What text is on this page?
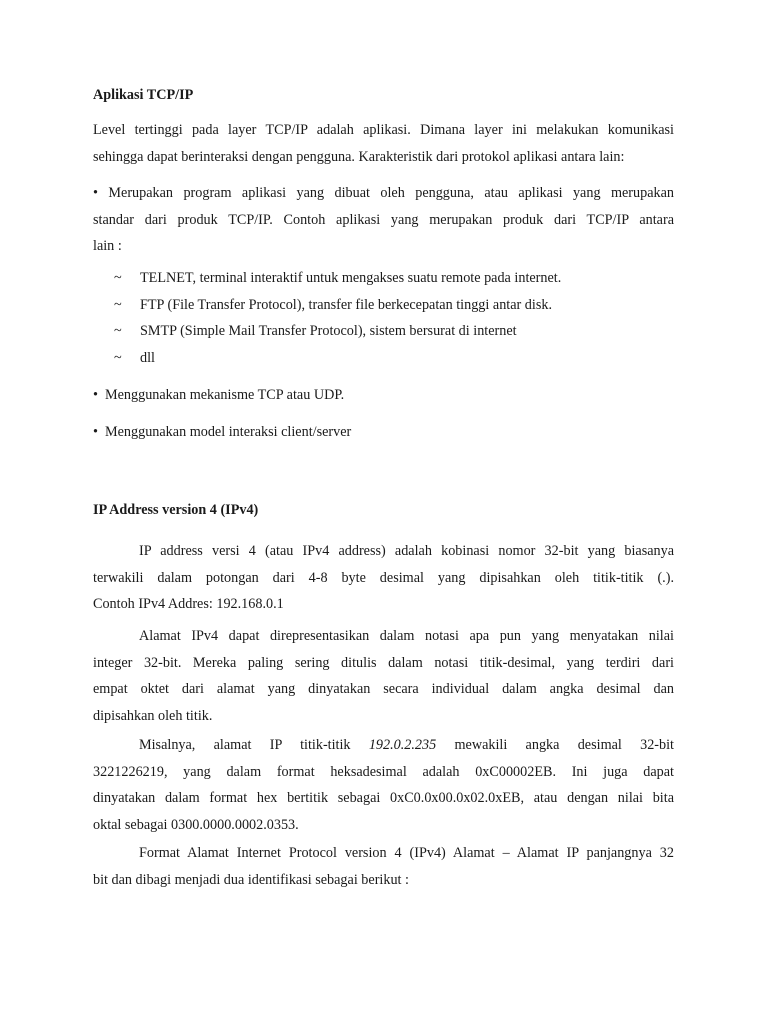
Aplikasi TCP/IP
Level tertinggi pada layer TCP/IP adalah aplikasi. Dimana layer ini melakukan komunikasi
sehingga dapat berinteraksi dengan pengguna. Karakteristik dari protokol aplikasi antara lain:
• Merupakan program aplikasi yang dibuat oleh pengguna, atau aplikasi yang merupakan
standar dari produk TCP/IP. Contoh aplikasi yang merupakan produk dari TCP/IP antara
lain :
~ TELNET, terminal interaktif untuk mengakses suatu remote pada internet.
~ FTP (File Transfer Protocol), transfer file berkecepatan tinggi antar disk.
~ SMTP (Simple Mail Transfer Protocol), sistem bersurat di internet
~ dll
• Menggunakan mekanisme TCP atau UDP.
• Menggunakan model interaksi client/server
IP Address version 4 (IPv4)
IP address versi 4 (atau IPv4 address) adalah kobinasi nomor 32-bit yang biasanya
terwakili dalam potongan dari 4-8 byte desimal yang dipisahkan oleh titik-titik (.).
Contoh IPv4 Addres: 192.168.0.1
Alamat IPv4 dapat direpresentasikan dalam notasi apa pun yang menyatakan nilai
integer 32-bit. Mereka paling sering ditulis dalam notasi titik-desimal, yang terdiri dari
empat oktet dari alamat yang dinyatakan secara individual dalam angka desimal dan
dipisahkan oleh titik.
Misalnya, alamat IP titik-titik 192.0.2.235 mewakili angka desimal 32-bit
3221226219, yang dalam format heksadesimal adalah 0xC00002EB. Ini juga dapat
dinyatakan dalam format hex bertitik sebagai 0xC0.0x00.0x02.0xEB, atau dengan nilai bita
oktal sebagai 0300.0000.0002.0353.
Format Alamat Internet Protocol version 4 (IPv4) Alamat – Alamat IP panjangnya 32
bit dan dibagi menjadi dua identifikasi sebagai berikut :
